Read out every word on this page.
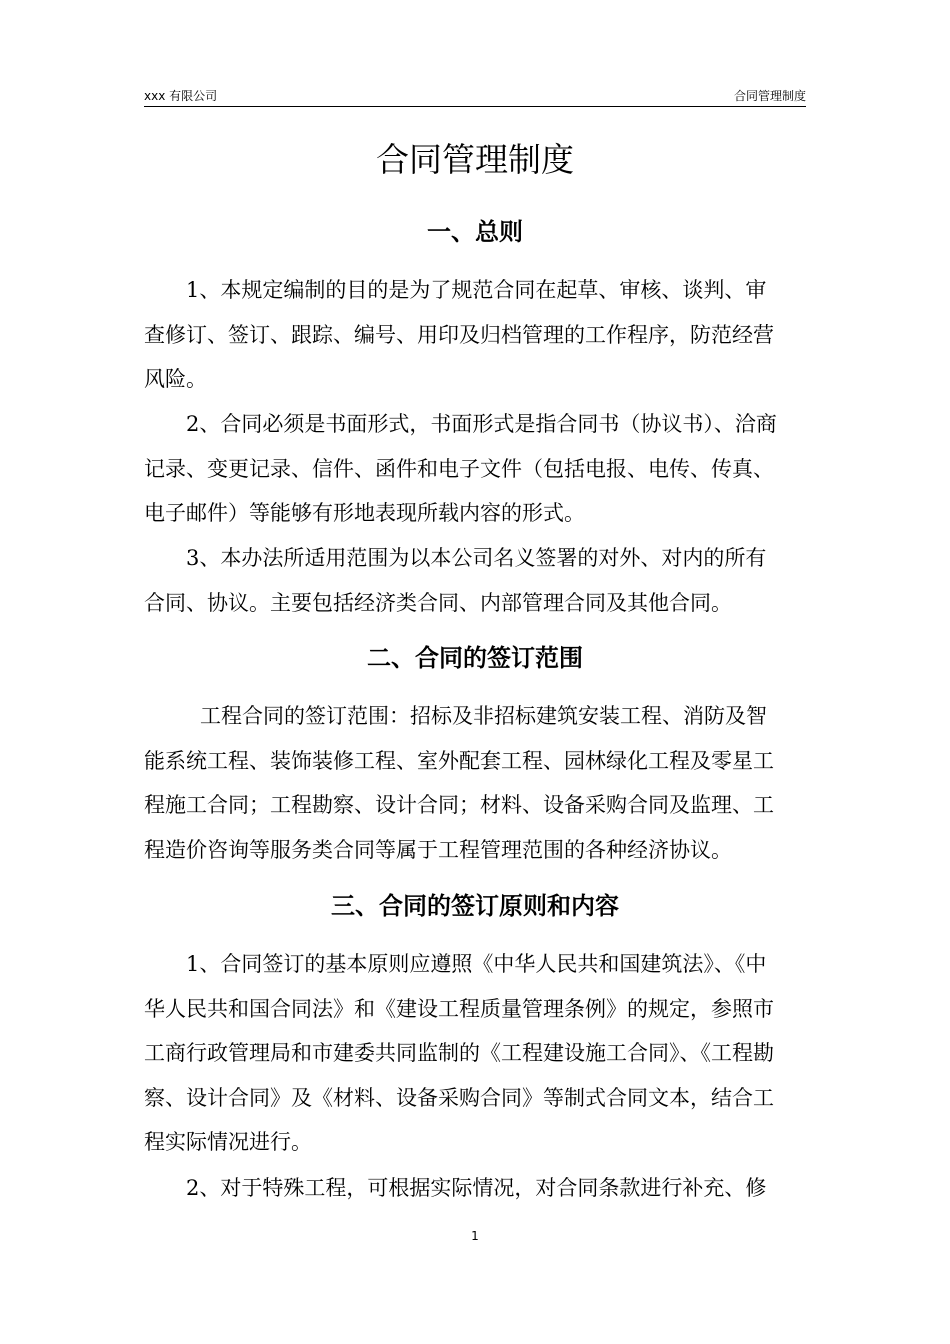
xxx 有限公司	合同管理制度
合同管理制度
一、总则

1、本规定编制的目的是为了规范合同在起草、审核、谈判、审
查修订、签订、跟踪、编号、用印及归档管理的工作程序，防范经营
风险。

2、合同必须是书面形式，书面形式是指合同书（协议书）、洽商
记录、变更记录、信件、函件和电子文件（包括电报、电传、传真、
电子邮件）等能够有形地表现所载内容的形式。

3、本办法所适用范围为以本公司名义签署的对外、对内的所有
合同、协议。主要包括经济类合同、内部管理合同及其他合同。

二、合同的签订范围

工程合同的签订范围：招标及非招标建筑安装工程、消防及智
能系统工程、装饰装修工程、室外配套工程、园林绿化工程及零星工
程施工合同；工程勘察、设计合同；材料、设备采购合同及监理、工
程造价咨询等服务类合同等属于工程管理范围的各种经济协议。

三、合同的签订原则和内容

1、合同签订的基本原则应遵照《中华人民共和国建筑法》、《中
华人民共和国合同法》和《建设工程质量管理条例》的规定，参照市
工商行政管理局和市建委共同监制的《工程建设施工合同》、《工程勘
察、设计合同》及《材料、设备采购合同》等制式合同文本，结合工
程实际情况进行。

2、对于特殊工程，可根据实际情况，对合同条款进行补充、修

1
